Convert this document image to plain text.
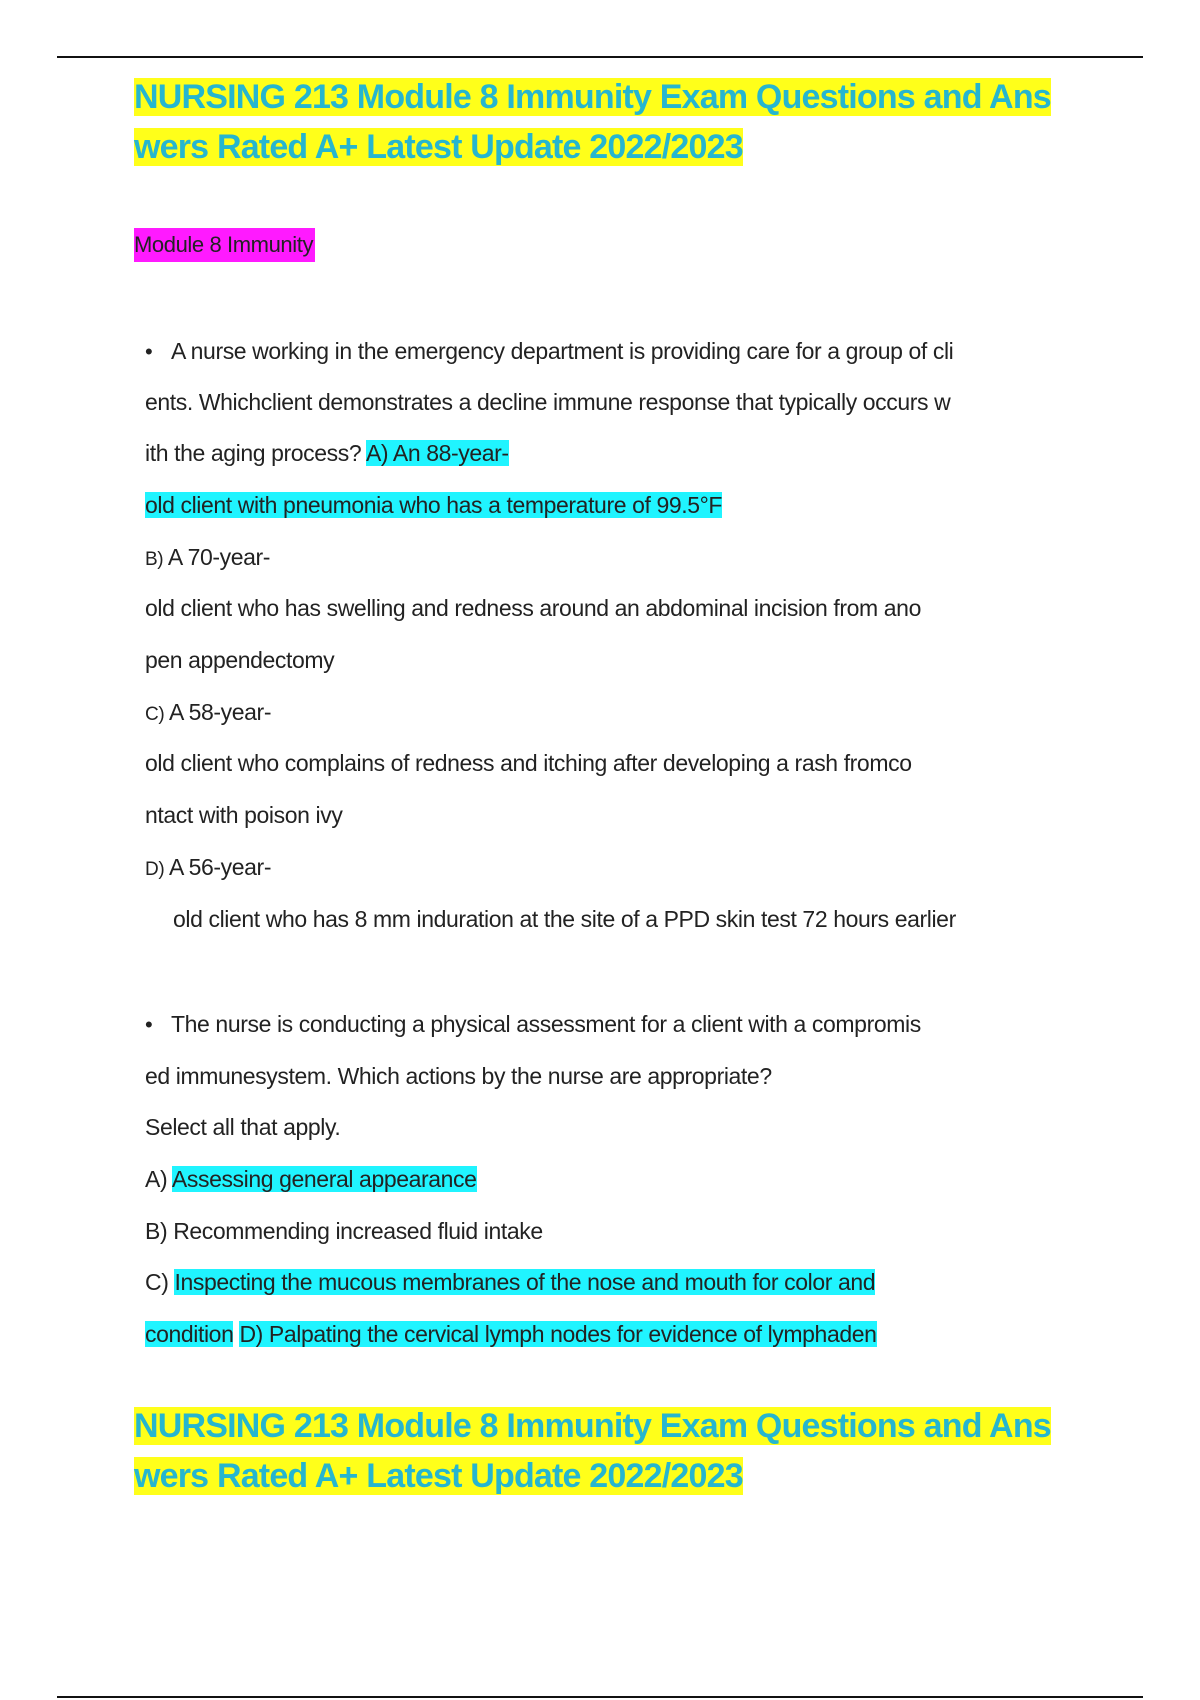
NURSING 213 Module 8 Immunity Exam Questions and Ans
wers Rated A+ Latest Update 2022/2023
Module 8 Immunity

• A nurse working in the emergency department is providing care for a group of cli

ents. Whichclient demonstrates a decline immune response that typically occurs w

ith the aging process? A) An 88-year-

old client with pneumonia who has a temperature of 99.5°F

B) A 70-year-

old client who has swelling and redness around an abdominal incision from ano

pen appendectomy

C) A 58-year-

old client who complains of redness and itching after developing a rash fromco

ntact with poison ivy

D) A 56-year-

old client who has 8 mm induration at the site of a PPD skin test 72 hours earlier

• The nurse is conducting a physical assessment for a client with a compromis

ed immunesystem. Which actions by the nurse are appropriate?

Select all that apply.

A) Assessing general appearance

B) Recommending increased fluid intake

C) Inspecting the mucous membranes of the nose and mouth for color and

condition D) Palpating the cervical lymph nodes for evidence of lymphaden

NURSING 213 Module 8 Immunity Exam Questions and Ans
wers Rated A+ Latest Update 2022/2023
